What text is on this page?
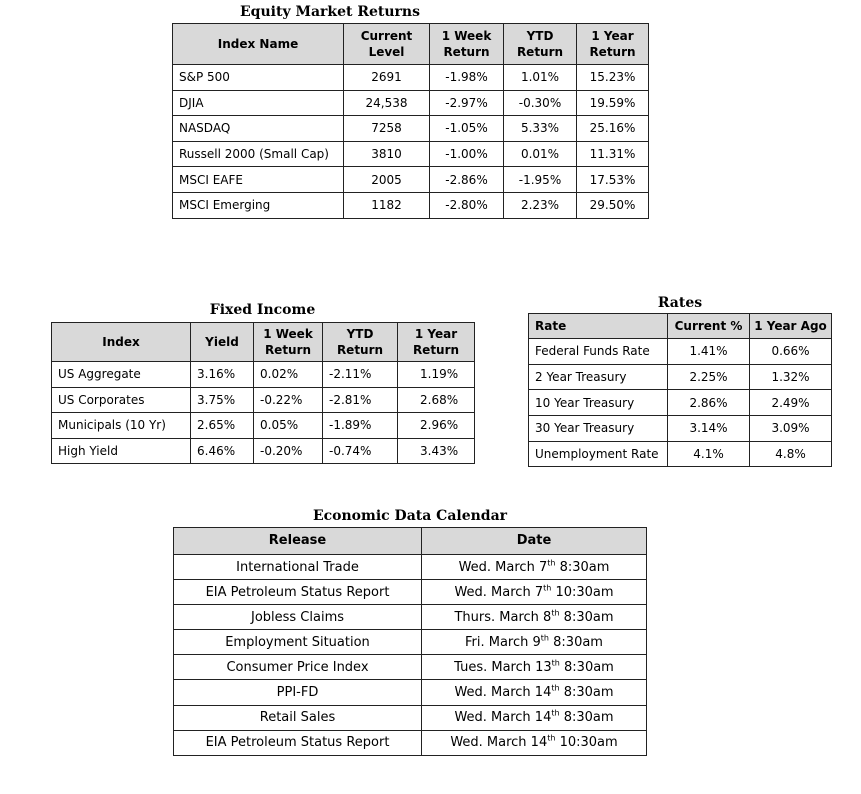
Equity Market Returns
Index Name	Current Level	1 Week Return	YTD Return	1 Year Return
S&P 500	2691	-1.98%	1.01%	15.23%
DJIA	24,538	-2.97%	-0.30%	19.59%
NASDAQ	7258	-1.05%	5.33%	25.16%
Russell 2000 (Small Cap)	3810	-1.00%	0.01%	11.31%
MSCI EAFE	2005	-2.86%	-1.95%	17.53%
MSCI Emerging	1182	-2.80%	2.23%	29.50%
Fixed Income
Index	Yield	1 Week Return	YTD Return	1 Year Return
US Aggregate	3.16%	0.02%	-2.11%	1.19%
US Corporates	3.75%	-0.22%	-2.81%	2.68%
Municipals (10 Yr)	2.65%	0.05%	-1.89%	2.96%
High Yield	6.46%	-0.20%	-0.74%	3.43%
Rates
Rate	Current %	1 Year Ago
Federal Funds Rate	1.41%	0.66%
2 Year Treasury	2.25%	1.32%
10 Year Treasury	2.86%	2.49%
30 Year Treasury	3.14%	3.09%
Unemployment Rate	4.1%	4.8%
Economic Data Calendar
Release	Date
International Trade	Wed. March 7th 8:30am
EIA Petroleum Status Report	Wed. March 7th 10:30am
Jobless Claims	Thurs. March 8th 8:30am
Employment Situation	Fri. March 9th 8:30am
Consumer Price Index	Tues. March 13th 8:30am
PPI-FD	Wed. March 14th 8:30am
Retail Sales	Wed. March 14th 8:30am
EIA Petroleum Status Report	Wed. March 14th 10:30am
